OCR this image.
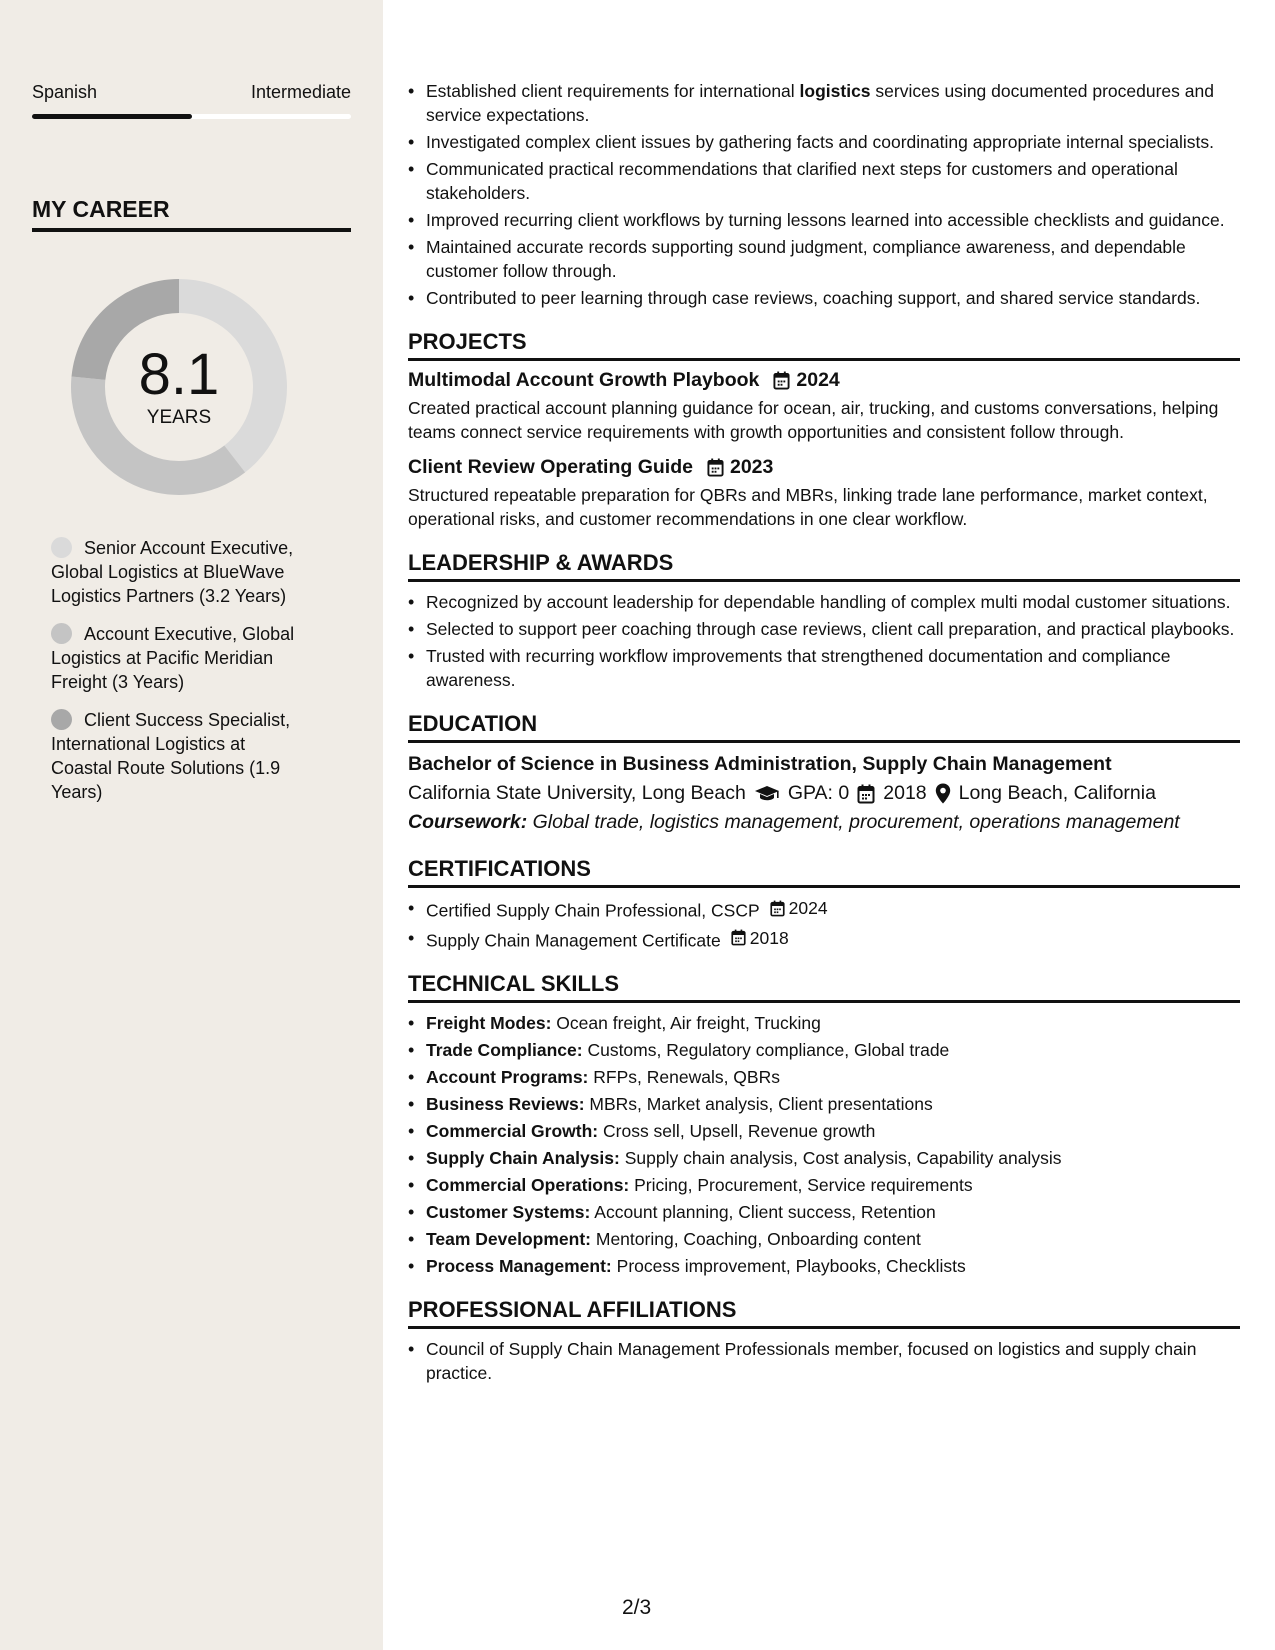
Spanish	Intermediate
MY CAREER
8.1
YEARS
Senior Account Executive, Global Logistics at BlueWave Logistics Partners (3.2 Years)
Account Executive, Global Logistics at Pacific Meridian Freight (3 Years)
Client Success Specialist, International Logistics at Coastal Route Solutions (1.9 Years)
• Established client requirements for international logistics services using documented procedures and service expectations.
• Investigated complex client issues by gathering facts and coordinating appropriate internal specialists.
• Communicated practical recommendations that clarified next steps for customers and operational stakeholders.
• Improved recurring client workflows by turning lessons learned into accessible checklists and guidance.
• Maintained accurate records supporting sound judgment, compliance awareness, and dependable customer follow through.
• Contributed to peer learning through case reviews, coaching support, and shared service standards.
PROJECTS
Multimodal Account Growth Playbook 2024
Created practical account planning guidance for ocean, air, trucking, and customs conversations, helping teams connect service requirements with growth opportunities and consistent follow through.
Client Review Operating Guide 2023
Structured repeatable preparation for QBRs and MBRs, linking trade lane performance, market context, operational risks, and customer recommendations in one clear workflow.
LEADERSHIP & AWARDS
• Recognized by account leadership for dependable handling of complex multi modal customer situations.
• Selected to support peer coaching through case reviews, client call preparation, and practical playbooks.
• Trusted with recurring workflow improvements that strengthened documentation and compliance awareness.
EDUCATION
Bachelor of Science in Business Administration, Supply Chain Management
California State University, Long Beach GPA: 0 2018 Long Beach, California
Coursework: Global trade, logistics management, procurement, operations management
CERTIFICATIONS
• Certified Supply Chain Professional, CSCP 2024
• Supply Chain Management Certificate 2018
TECHNICAL SKILLS
• Freight Modes: Ocean freight, Air freight, Trucking
• Trade Compliance: Customs, Regulatory compliance, Global trade
• Account Programs: RFPs, Renewals, QBRs
• Business Reviews: MBRs, Market analysis, Client presentations
• Commercial Growth: Cross sell, Upsell, Revenue growth
• Supply Chain Analysis: Supply chain analysis, Cost analysis, Capability analysis
• Commercial Operations: Pricing, Procurement, Service requirements
• Customer Systems: Account planning, Client success, Retention
• Team Development: Mentoring, Coaching, Onboarding content
• Process Management: Process improvement, Playbooks, Checklists
PROFESSIONAL AFFILIATIONS
• Council of Supply Chain Management Professionals member, focused on logistics and supply chain practice.
2/3
